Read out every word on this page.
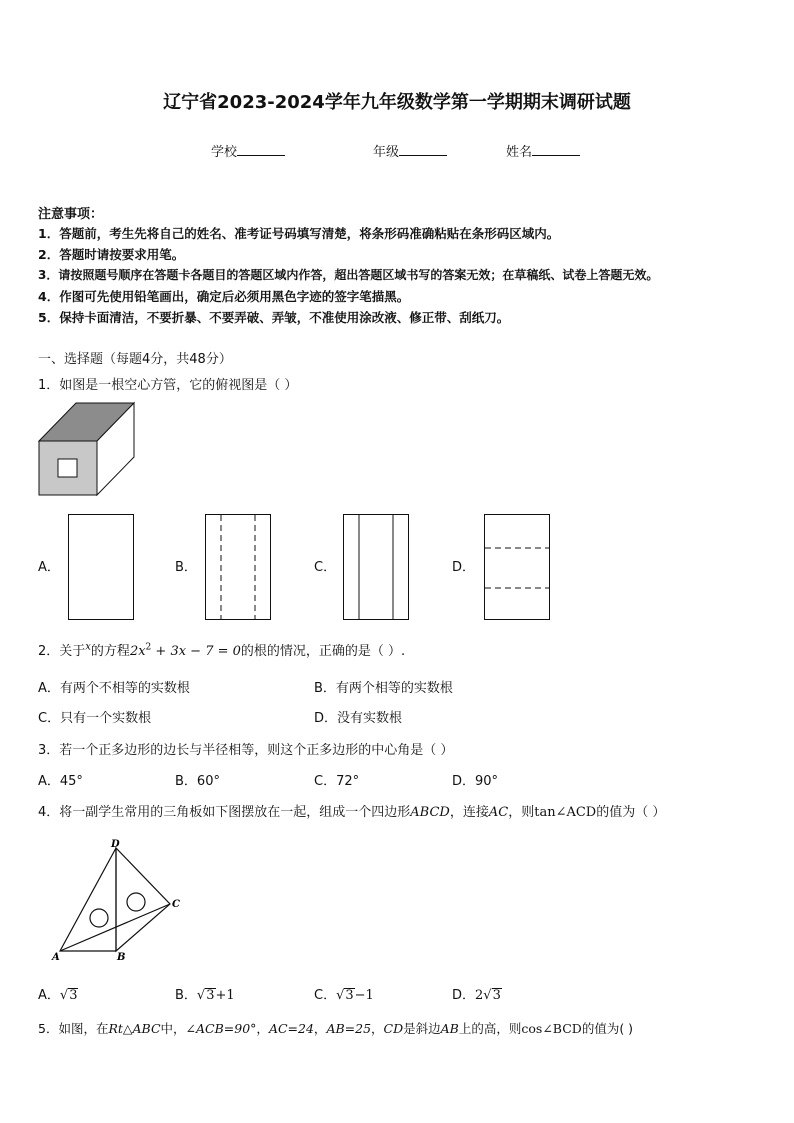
辽宁省2023-2024学年九年级数学第一学期期末调研试题
学校	年级	姓名
注意事项：
1．答题前，考生先将自己的姓名、准考证号码填写清楚，将条形码准确粘贴在条形码区域内。
2．答题时请按要求用笔。
3．请按照题号顺序在答题卡各题目的答题区域内作答，超出答题区域书写的答案无效；在草稿纸、试卷上答题无效。
4．作图可先使用铅笔画出，确定后必须用黑色字迹的签字笔描黑。
5．保持卡面清洁，不要折暴、不要弄破、弄皱，不准使用涂改液、修正带、刮纸刀。
一、选择题（每题4分，共48分）
1．如图是一根空心方管，它的俯视图是（ ）
A．	B．	C．	D．
2．关于$^x$的方程$2x^2 + 3x - 7 = 0$的根的情况，正确的是（ ）.
A．有两个不相等的实数根	B．有两个相等的实数根
C．只有一个实数根	D．没有实数根
3．若一个正多边形的边长与半径相等，则这个正多边形的中心角是（ ）
A．45°	B．60°	C．72°	D．90°
4．将一副学生常用的三角板如下图摆放在一起，组成一个四边形ABCD，连接AC，则tan∠ACD的值为（ ）
D
C
A	B
A．√3	B．√3+1	C．√3−1	D．2√3
5．如图，在Rt△ABC中，∠ACB=90°，AC=24，AB=25，CD是斜边AB上的高，则cos∠BCD的值为( )
